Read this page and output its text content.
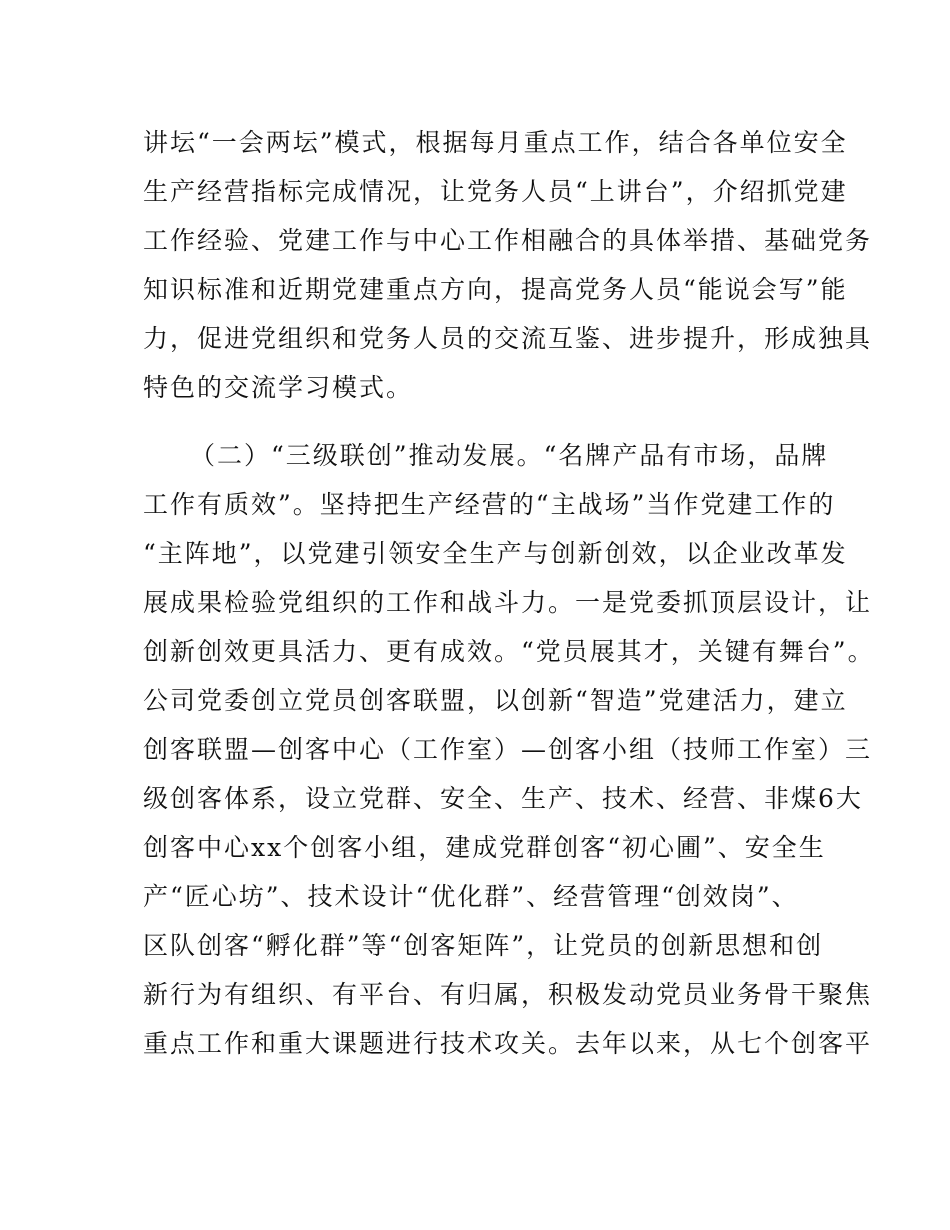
讲坛“一会两坛”模式，根据每月重点工作，结合各单位安全
生产经营指标完成情况，让党务人员“上讲台”，介绍抓党建
工作经验、党建工作与中心工作相融合的具体举措、基础党务
知识标准和近期党建重点方向，提高党务人员“能说会写”能
力，促进党组织和党务人员的交流互鉴、进步提升，形成独具
特色的交流学习模式。
（二）“三级联创”推动发展。“名牌产品有市场，品牌
工作有质效”。坚持把生产经营的“主战场”当作党建工作的
“主阵地”，以党建引领安全生产与创新创效，以企业改革发
展成果检验党组织的工作和战斗力。一是党委抓顶层设计，让
创新创效更具活力、更有成效。“党员展其才，关键有舞台”。
公司党委创立党员创客联盟，以创新“智造”党建活力，建立
创客联盟—创客中心（工作室）—创客小组（技师工作室）三
级创客体系，设立党群、安全、生产、技术、经营、非煤6大
创客中心xx个创客小组，建成党群创客“初心圃”、安全生
产“匠心坊”、技术设计“优化群”、经营管理“创效岗”、
区队创客“孵化群”等“创客矩阵”，让党员的创新思想和创
新行为有组织、有平台、有归属，积极发动党员业务骨干聚焦
重点工作和重大课题进行技术攻关。去年以来，从七个创客平
